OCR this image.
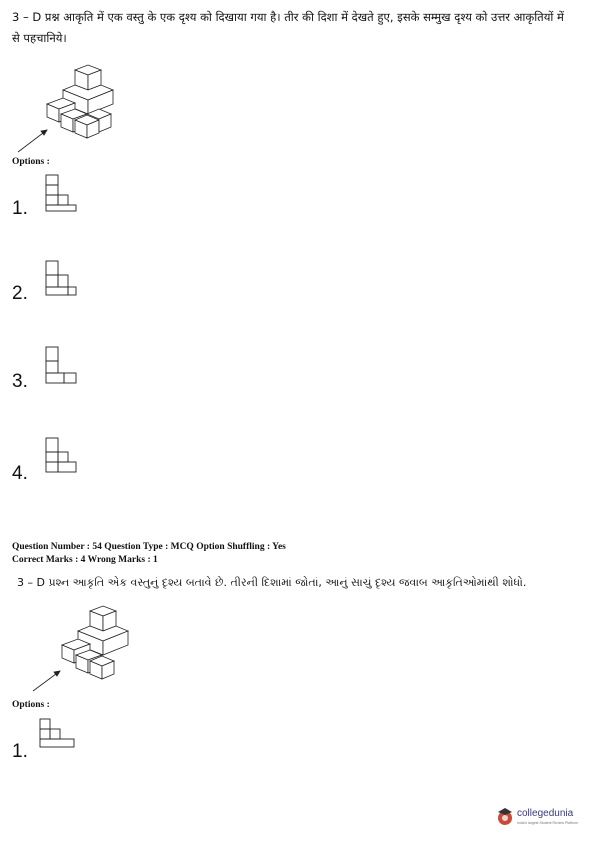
3 – D प्रश्न आकृति में एक वस्तु के एक दृश्य को दिखाया गया है। तीर की दिशा में देखते हुए, इसके सम्मुख दृश्य को उत्तर आकृतियों में से पहचानिये।
Options :
1.
2.
3.
4.
Question Number : 54 Question Type : MCQ Option Shuffling : Yes
Correct Marks : 4 Wrong Marks : 1
3 – D પ્રશ્ન આકૃતિ એક વસ્તુનું દૃશ્ય બતાવે છે. તીરની દિશામાં જોતાં, આનું સાચું દૃશ્ય જવાબ આકૃતિઓમાંથી શોધો.
Options :
1.
collegedunia
India's largest Student Review Platform
